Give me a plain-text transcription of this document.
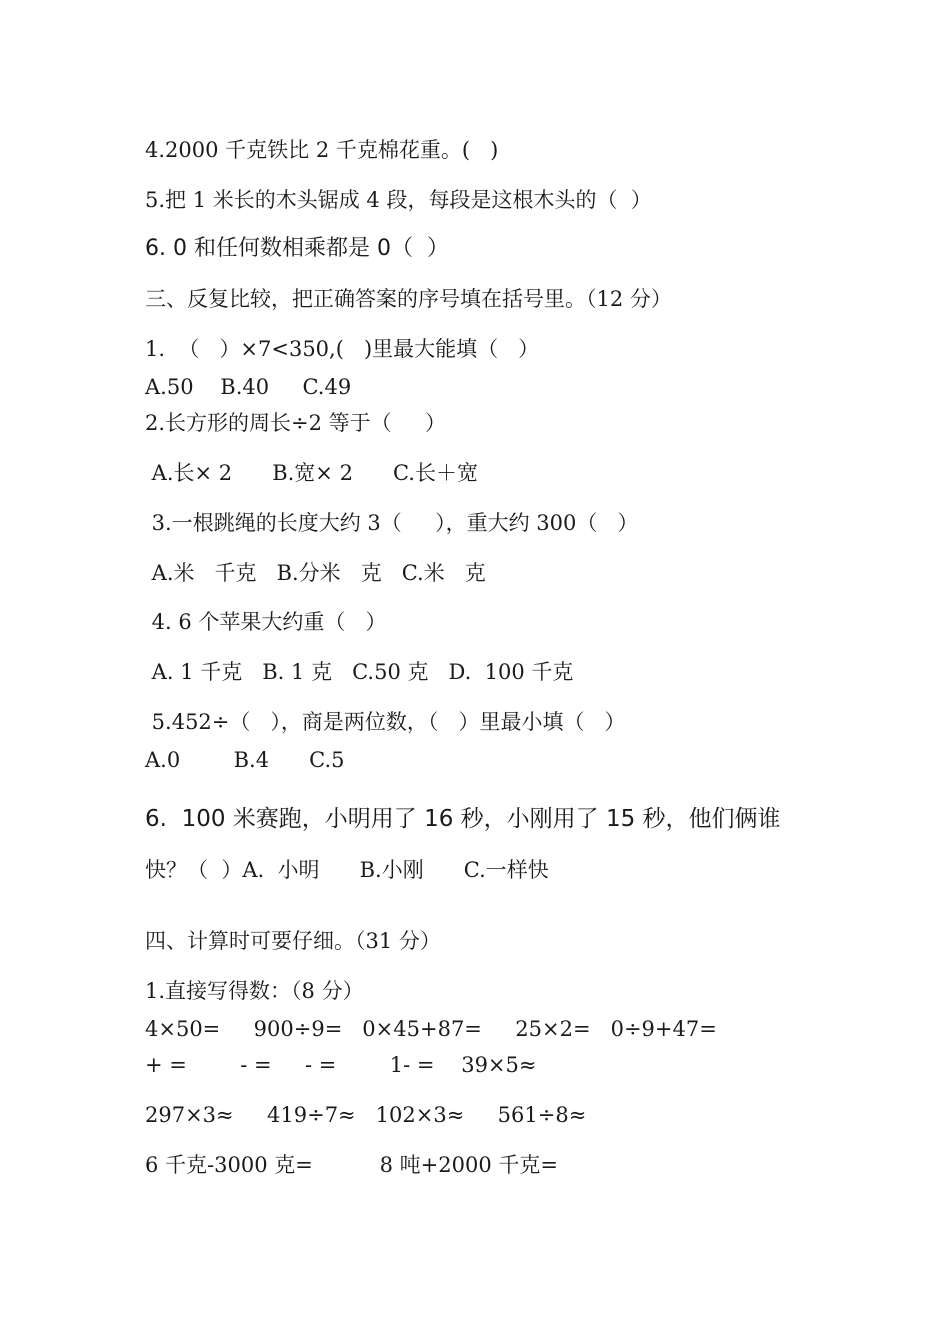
4.2000 千克铁比 2 千克棉花重。(   )
5.把 1 米长的木头锯成 4 段，每段是这根木头的（  ）
6. 0 和任何数相乘都是 0（  ）
三、反复比较，把正确答案的序号填在括号里。（12 分）
1.  （   ）×7<350,(   )里最大能填（   ）
A.50    B.40     C.49
2.长方形的周长÷2 等于（     ）
A.长× 2      B.宽× 2      C.长＋宽
3.一根跳绳的长度大约 3（     ），重大约 300（   ）
A.米   千克   B.分米   克   C.米   克
4. 6 个苹果大约重（   ）
A. 1 千克   B. 1 克   C.50 克   D.  100 千克
5.452÷（   ），商是两位数，（   ）里最小填（   ）
A.0        B.4      C.5
6.  100 米赛跑，小明用了 16 秒，小刚用了 15 秒，他们俩谁
快？（  ）A.  小明      B.小刚      C.一样快
四、计算时可要仔细。（31 分）
1.直接写得数：（8 分）
4×50=     900÷9=   0×45+87=     25×2=   0÷9+47=
+ =        - =     - =        1- =    39×5≈
297×3≈     419÷7≈   102×3≈     561÷8≈
6 千克-3000 克=          8 吨+2000 千克=
